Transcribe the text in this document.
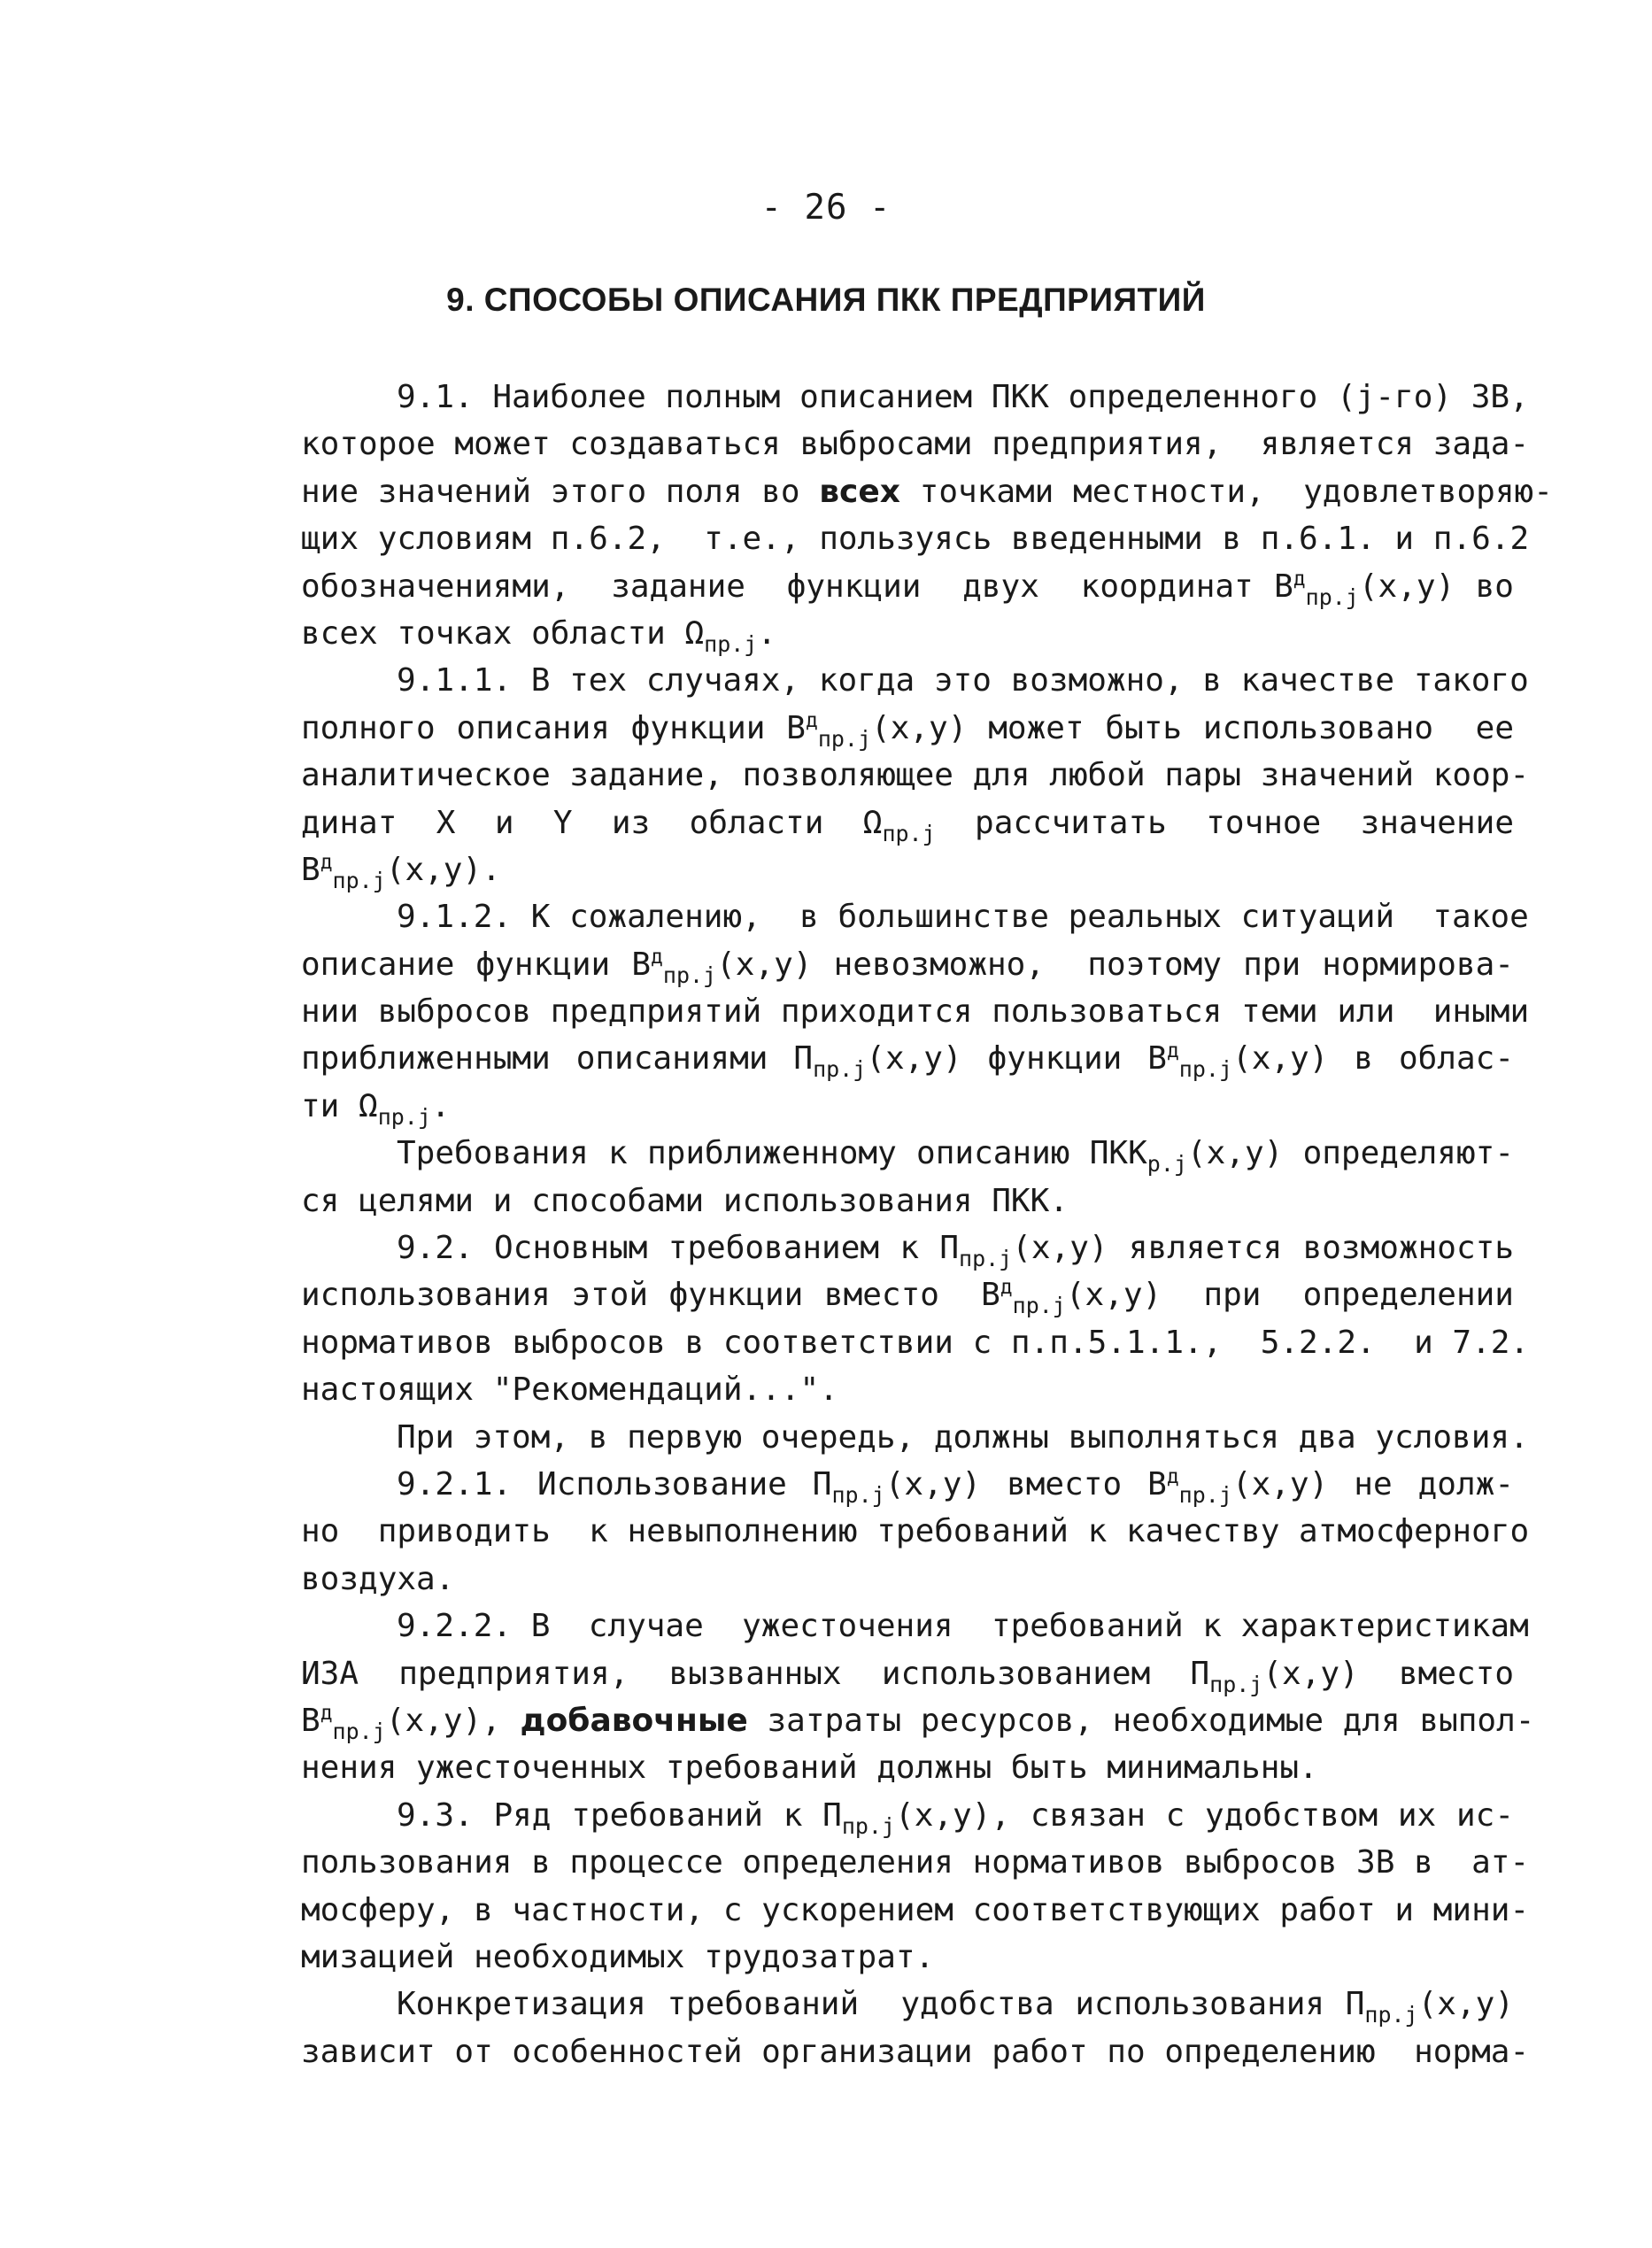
- 26 -
9. СПОСОБЫ ОПИСАНИЯ ПКК ПРЕДПРИЯТИЙ
9.1. Наиболее полным описанием ПКК определенного (j-го) ЗВ,
которое может создаваться выбросами предприятия,  является зада-
ние значений этого поля во всех точками местности,  удовлетворяю-
щих условиям п.6.2,  т.е., пользуясь введенными в п.6.1. и п.6.2
обозначениями,  задание  функции  двух  координат $В^д_{пр.j}(x,y)$ во
всех точках области $\Omega_{пр.j}$.
9.1.1. В тех случаях, когда это возможно, в качестве такого
полного описания функции $В^д_{пр.j}(x,y)$ может быть использовано  ее
аналитическое задание, позволяющее для любой пары значений коор-
динат  X  и  Y  из  области  $\Omega_{пр.j}$  рассчитать  точное  значение
$В^д_{пр.j}(x,y)$.
9.1.2. К сожалению,  в большинстве реальных ситуаций  такое
описание функции $В^д_{пр.j}(x,y)$ невозможно,  поэтому при нормирова-
нии выбросов предприятий приходится пользоваться теми или  иными
приближенными описаниями $П_{пр.j}(x,y)$ функции $В^д_{пр.j}(x,y)$ в облас-
ти $\Omega_{пр.j}$.
Требования к приближенному описанию $ПКК_{р.j}(x,y)$ определяют-
ся целями и способами использования ПКК.
9.2. Основным требованием к $П_{пр.j}(x,y)$ является возможность
использования этой функции вместо  $В^д_{пр.j}(x,y)$  при  определении
нормативов выбросов в соответствии с п.п.5.1.1.,  5.2.2.  и 7.2.
настоящих "Рекомендаций...".
При этом, в первую очередь, должны выполняться два условия.
9.2.1. Использование $П_{пр.j}(x,y)$ вместо $В^д_{пр.j}(x,y)$ не долж-
но  приводить  к невыполнению требований к качеству атмосферного
воздуха.
9.2.2. В  случае  ужесточения  требований к характеристикам
ИЗА  предприятия,  вызванных  использованием  $П_{пр.j}(x,y)$  вместо
$В^д_{пр.j}(x,y)$, добавочные затраты ресурсов, необходимые для выпол-
нения ужесточенных требований должны быть минимальны.
9.3. Ряд требований к $П_{пр.j}(x,y)$, связан с удобством их ис-
пользования в процессе определения нормативов выбросов ЗВ в  ат-
мосферу, в частности, с ускорением соответствующих работ и мини-
мизацией необходимых трудозатрат.
Конкретизация требований  удобства использования $П_{пр.j}(x,y)$
зависит от особенностей организации работ по определению  норма-
